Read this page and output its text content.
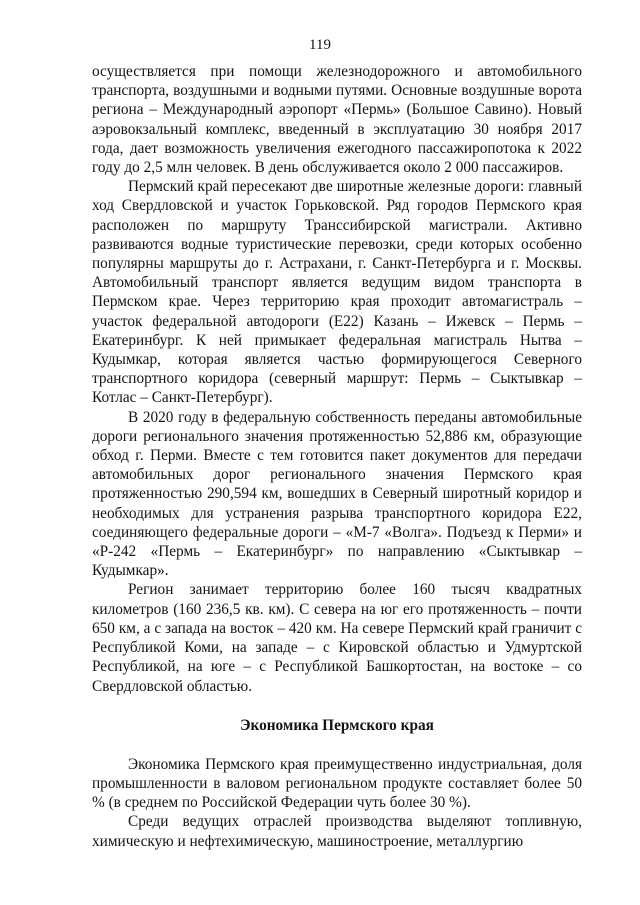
119

осуществляется при помощи железнодорожного и автомобильного транспорта, воздушными и водными путями. Основные воздушные ворота региона – Международный аэропорт «Пермь» (Большое Савино). Новый аэровокзальный комплекс, введенный в эксплуатацию 30 ноября 2017 года, дает возможность увеличения ежегодного пассажиропотока к 2022 году до 2,5 млн человек. В день обслуживается около 2 000 пассажиров.

Пермский край пересекают две широтные железные дороги: главный ход Свердловской и участок Горьковской. Ряд городов Пермского края расположен по маршруту Транссибирской магистрали. Активно развиваются водные туристические перевозки, среди которых особенно популярны маршруты до г. Астрахани, г. Санкт-Петербурга и г. Москвы. Автомобильный транспорт является ведущим видом транспорта в Пермском крае. Через территорию края проходит автомагистраль – участок федеральной автодороги (Е22) Казань – Ижевск – Пермь – Екатеринбург. К ней примыкает федеральная магистраль Нытва – Кудымкар, которая является частью формирующегося Северного транспортного коридора (северный маршрут: Пермь – Сыктывкар – Котлас – Санкт-Петербург).

В 2020 году в федеральную собственность переданы автомобильные дороги регионального значения протяженностью 52,886 км, образующие обход г. Перми. Вместе с тем готовится пакет документов для передачи автомобильных дорог регионального значения Пермского края протяженностью 290,594 км, вошедших в Северный широтный коридор и необходимых для устранения разрыва транспортного коридора Е22, соединяющего федеральные дороги – «М-7 «Волга». Подъезд к Перми» и «Р-242 «Пермь – Екатеринбург» по направлению «Сыктывкар – Кудымкар».

Регион занимает территорию более 160 тысяч квадратных километров (160 236,5 кв. км). С севера на юг его протяженность – почти 650 км, а с запада на восток – 420 км. На севере Пермский край граничит с Республикой Коми, на западе – с Кировской областью и Удмуртской Республикой, на юге – с Республикой Башкортостан, на востоке – со Свердловской областью.

Экономика Пермского края

Экономика Пермского края преимущественно индустриальная, доля промышленности в валовом региональном продукте составляет более 50 % (в среднем по Российской Федерации чуть более 30 %).

Среди ведущих отраслей производства выделяют топливную, химическую и нефтехимическую, машиностроение, металлургию
